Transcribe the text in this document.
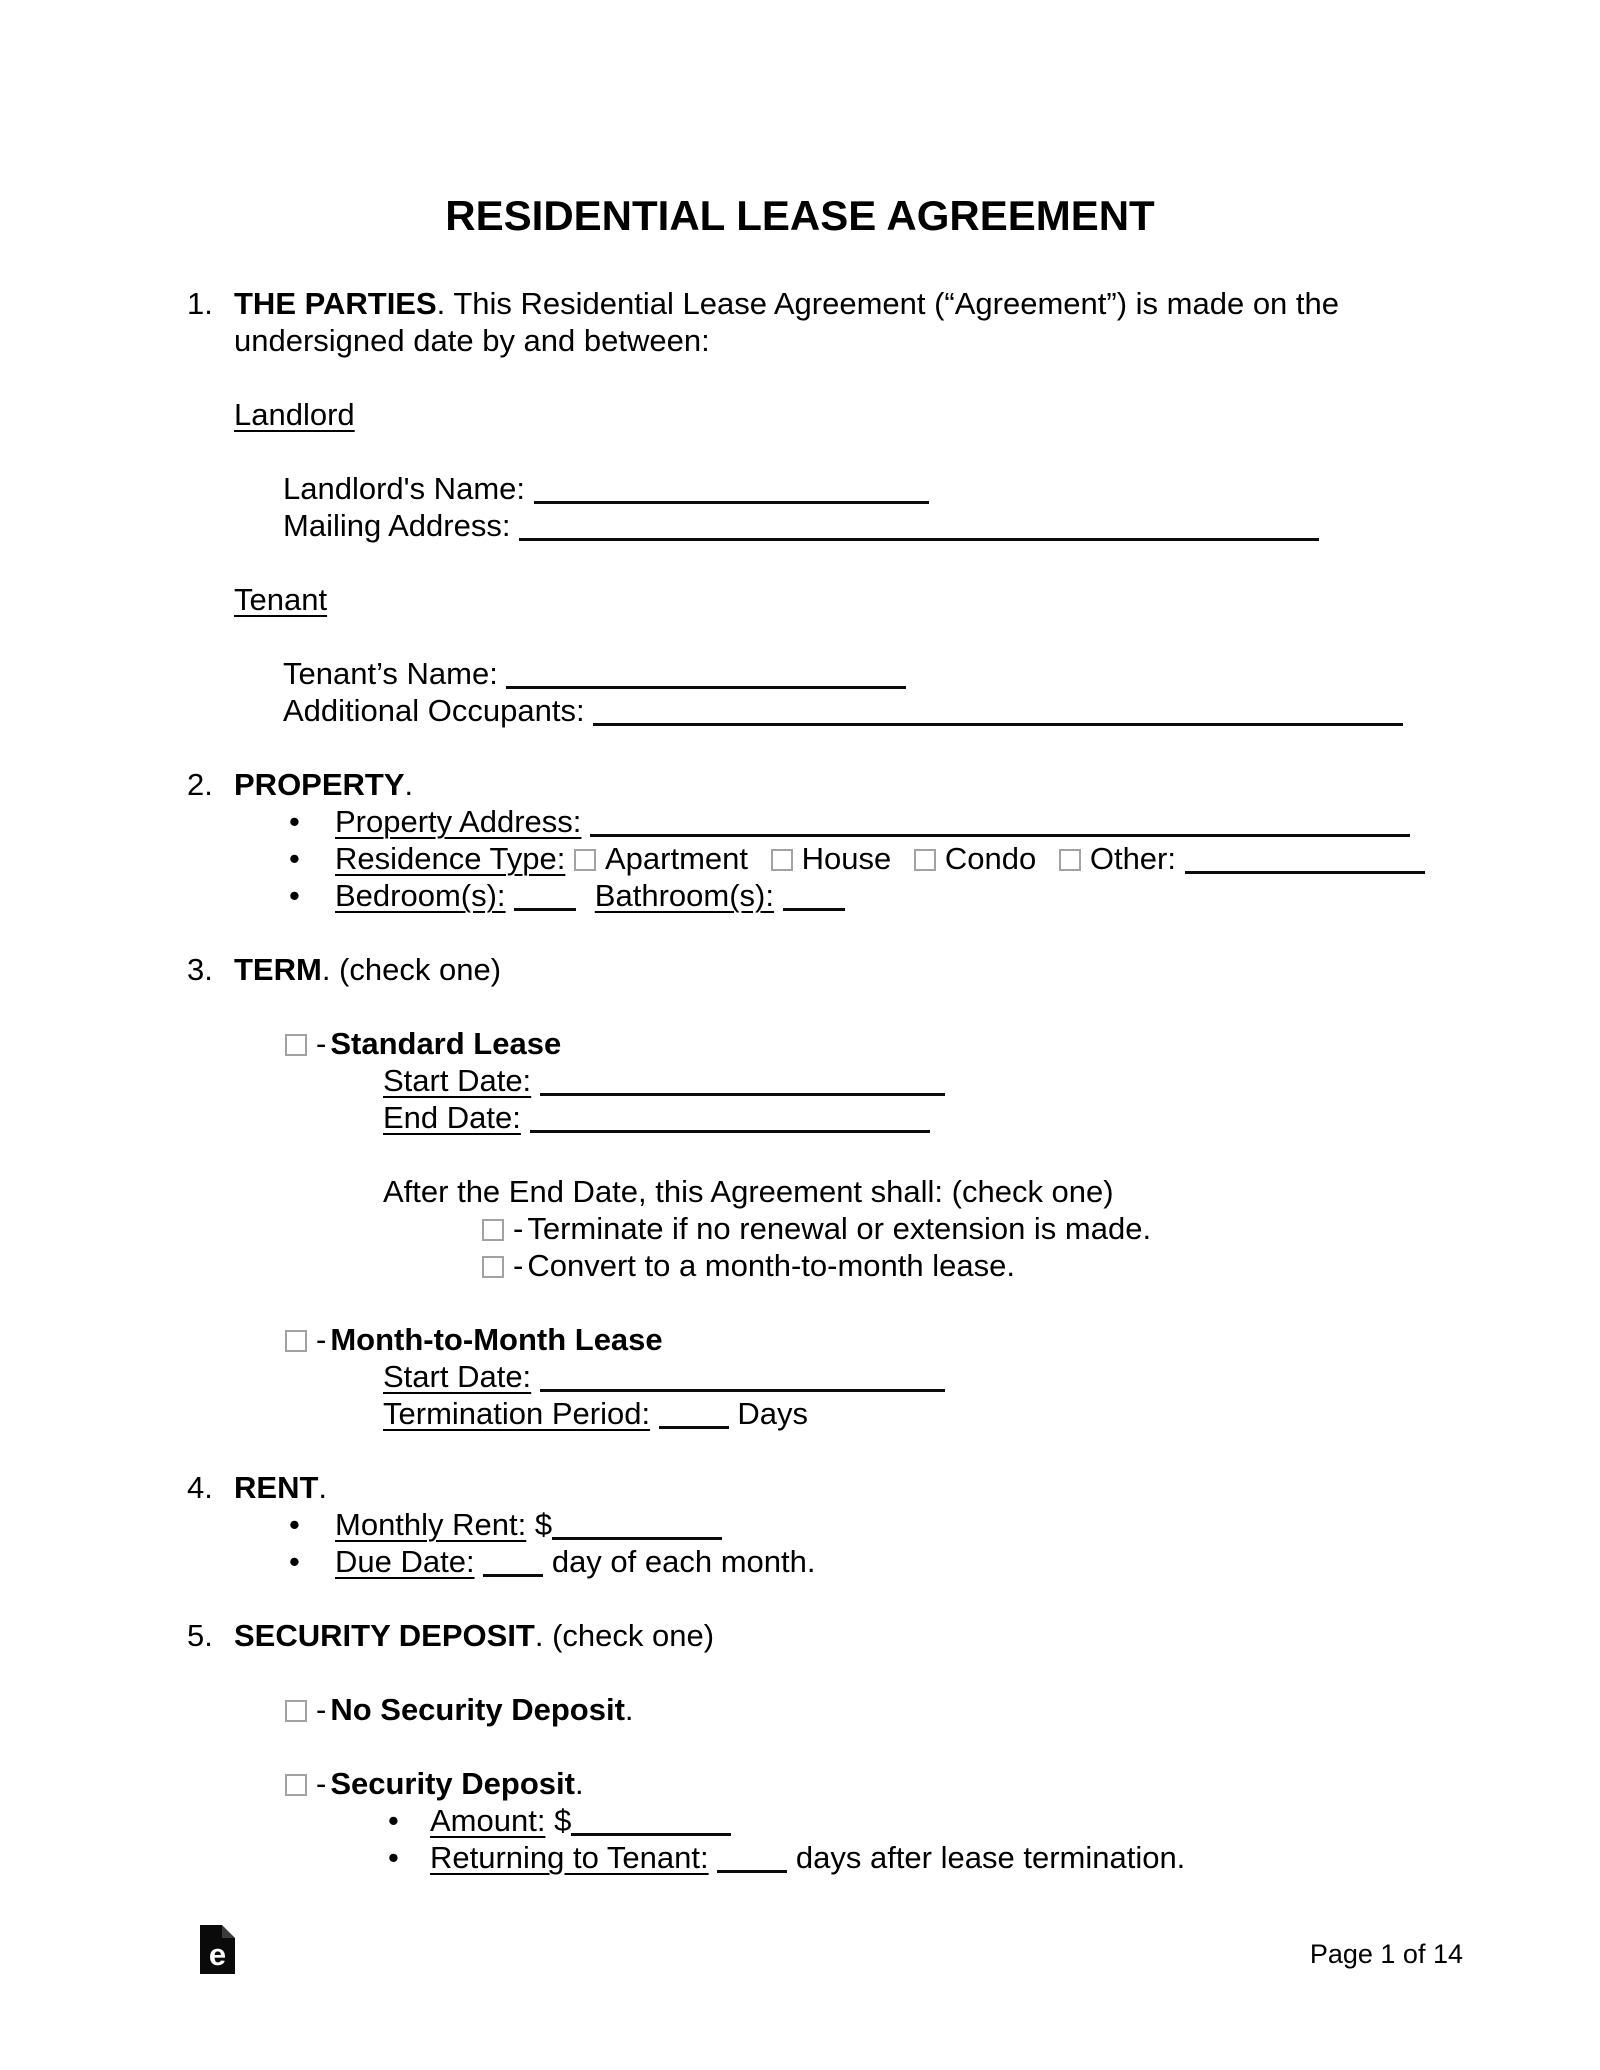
RESIDENTIAL LEASE AGREEMENT
1. THE PARTIES. This Residential Lease Agreement (“Agreement”) is made on the
undersigned date by and between:
Landlord
Landlord's Name:
Mailing Address:
Tenant
Tenant’s Name:
Additional Occupants:
2. PROPERTY.
• Property Address:
• Residence Type: Apartment House Condo Other:
• Bedroom(s):	Bathroom(s):
3. TERM. (check one)
- Standard Lease
Start Date:
End Date:
After the End Date, this Agreement shall: (check one)
- Terminate if no renewal or extension is made.
- Convert to a month-to-month lease.
- Month-to-Month Lease
Start Date:
Termination Period:	Days
4. RENT.
• Monthly Rent: $
• Due Date: day of each month.
5. SECURITY DEPOSIT. (check one)
- No Security Deposit.
- Security Deposit.
• Amount: $
• Returning to Tenant:	days after lease termination.
e	Page 1 of 14
